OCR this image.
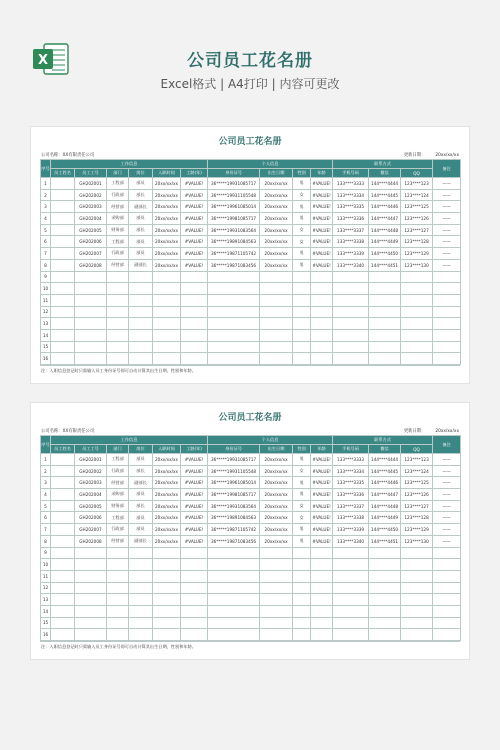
X	公司员工花名册
Excel格式 | A4打印 | 内容可更改
公司员工花名册
公司名称：XX有限责任公司	更新日期： 20xx/xx/xx
序号	工作信息						个人信息				联系方式			备注
	员工姓名	员工工号	部门	岗位	入职时间	工龄(年)	身份证号	出生日期	性别	年龄	手机号码	微信	QQ	
1		GH202001	工程部	部员	20xx/xx/xx	#VALUE!	36*****19931085717	20xx/xx/xx	男	#VALUE!	133****3333	144****4444	123****123	——
2		GH202002	行政部	部长	20xx/xx/xx	#VALUE!	36*****19931105548	20xx/xx/xx	女	#VALUE!	133****3334	144****4445	123****124	——
3		GH202003	经营部	副部长	20xx/xx/xx	#VALUE!	36*****19961085014	20xx/xx/xx	男	#VALUE!	133****3335	144****4446	123****125	——
4		GH202004	采购部	部员	20xx/xx/xx	#VALUE!	36*****19981085717	20xx/xx/xx	男	#VALUE!	133****3336	144****4447	123****126	——
5		GH202005	财务部	部长	20xx/xx/xx	#VALUE!	36*****19931083564	20xx/xx/xx	女	#VALUE!	133****3337	144****4448	123****127	——
6		GH202006	工程部	部员	20xx/xx/xx	#VALUE!	36*****19891084563	20xx/xx/xx	女	#VALUE!	133****3338	144****4449	123****128	——
7		GH202007	行政部	部员	20xx/xx/xx	#VALUE!	36*****19871105742	20xx/xx/xx	男	#VALUE!	133****3339	144****4450	123****129	——
8		GH202008	经营部	副部长	20xx/xx/xx	#VALUE!	36*****19871083456	20xx/xx/xx	男	#VALUE!	133****3340	144****4451	123****130	——
9														
10														
11														
12														
13														
14														
15														
16														
注：入职信息登记时只需输入员工身份证号即可自动计算其出生日期，性别和年龄。
公司员工花名册
公司名称：XX有限责任公司	更新日期： 20xx/xx/xx
序号	工作信息						个人信息				联系方式			备注
	员工姓名	员工工号	部门	岗位	入职时间	工龄(年)	身份证号	出生日期	性别	年龄	手机号码	微信	QQ	
1		GH202001	工程部	部员	20xx/xx/xx	#VALUE!	36*****19931085717	20xx/xx/xx	男	#VALUE!	133****3333	144****4444	123****123	——
2		GH202002	行政部	部长	20xx/xx/xx	#VALUE!	36*****19931105548	20xx/xx/xx	女	#VALUE!	133****3334	144****4445	123****124	——
3		GH202003	经营部	副部长	20xx/xx/xx	#VALUE!	36*****19961085014	20xx/xx/xx	男	#VALUE!	133****3335	144****4446	123****125	——
4		GH202004	采购部	部员	20xx/xx/xx	#VALUE!	36*****19981085717	20xx/xx/xx	男	#VALUE!	133****3336	144****4447	123****126	——
5		GH202005	财务部	部长	20xx/xx/xx	#VALUE!	36*****19931083564	20xx/xx/xx	女	#VALUE!	133****3337	144****4448	123****127	——
6		GH202006	工程部	部员	20xx/xx/xx	#VALUE!	36*****19891084563	20xx/xx/xx	女	#VALUE!	133****3338	144****4449	123****128	——
7		GH202007	行政部	部员	20xx/xx/xx	#VALUE!	36*****19871105742	20xx/xx/xx	男	#VALUE!	133****3339	144****4450	123****129	——
8		GH202008	经营部	副部长	20xx/xx/xx	#VALUE!	36*****19871083456	20xx/xx/xx	男	#VALUE!	133****3340	144****4451	123****130	——
9														
10														
11														
12														
13														
14														
15														
16														
注：入职信息登记时只需输入员工身份证号即可自动计算其出生日期，性别和年龄。
